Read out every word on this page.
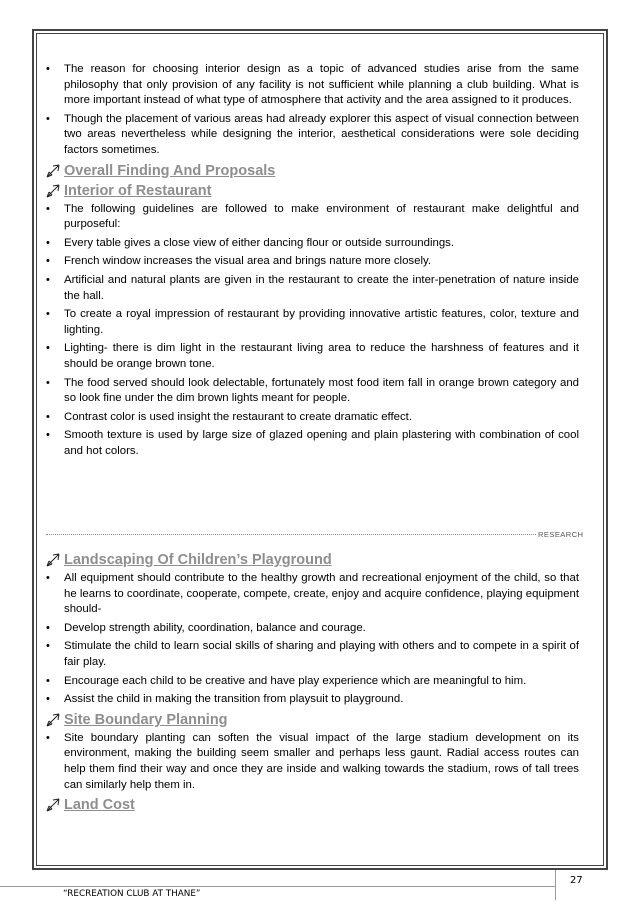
• The reason for choosing interior design as a topic of advanced studies arise from the same philosophy that only provision of any facility is not sufficient while planning a club building. What is more important instead of what type of atmosphere that activity and the area assigned to it produces.
• Though the placement of various areas had already explorer this aspect of visual connection between two areas nevertheless while designing the interior, aesthetical considerations were sole deciding factors sometimes.
Overall Finding And Proposals
Interior of Restaurant
• The following guidelines are followed to make environment of restaurant make delightful and purposeful:
• Every table gives a close view of either dancing flour or outside surroundings.
• French window increases the visual area and brings nature more closely.
• Artificial and natural plants are given in the restaurant to create the inter-penetration of nature inside the hall.
• To create a royal impression of restaurant by providing innovative artistic features, color, texture and lighting.
• Lighting- there is dim light in the restaurant living area to reduce the harshness of features and it should be orange brown tone.
• The food served should look delectable, fortunately most food item fall in orange brown category and so look fine under the dim brown lights meant for people.
• Contrast color is used insight the restaurant to create dramatic effect.
• Smooth texture is used by large size of glazed opening and plain plastering with combination of cool and hot colors.
RESEARCH
Landscaping Of Children’s Playground
• All equipment should contribute to the healthy growth and recreational enjoyment of the child, so that he learns to coordinate, cooperate, compete, create, enjoy and acquire confidence, playing equipment should-
• Develop strength ability, coordination, balance and courage.
• Stimulate the child to learn social skills of sharing and playing with others and to compete in a spirit of fair play.
• Encourage each child to be creative and have play experience which are meaningful to him.
• Assist the child in making the transition from playsuit to playground.
Site Boundary Planning
• Site boundary planting can soften the visual impact of the large stadium development on its environment, making the building seem smaller and perhaps less gaunt. Radial access routes can help them find their way and once they are inside and walking towards the stadium, rows of tall trees can similarly help them in.
Land Cost
27
“RECREATION CLUB AT THANE”
